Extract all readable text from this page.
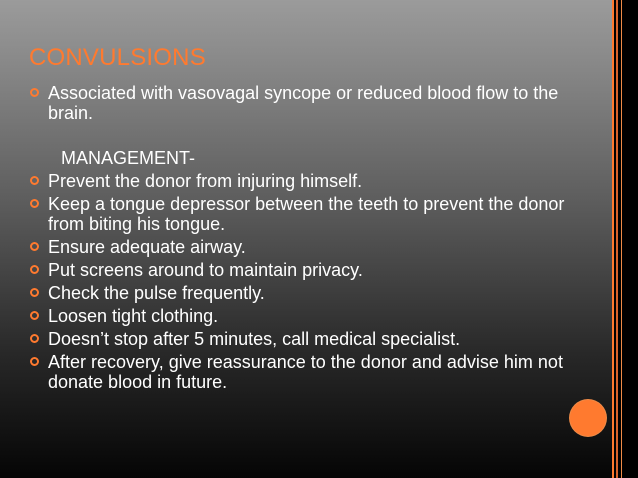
CONVULSIONS
Associated with vasovagal syncope or reduced blood flow to the brain.
MANAGEMENT-
Prevent the donor from injuring himself.
Keep a tongue depressor between the teeth to prevent the donor from biting his tongue.
Ensure adequate airway.
Put screens around to maintain privacy.
Check the pulse frequently.
Loosen tight clothing.
Doesn’t stop after 5 minutes, call medical specialist.
After recovery, give reassurance to the donor and advise him not donate blood in future.
